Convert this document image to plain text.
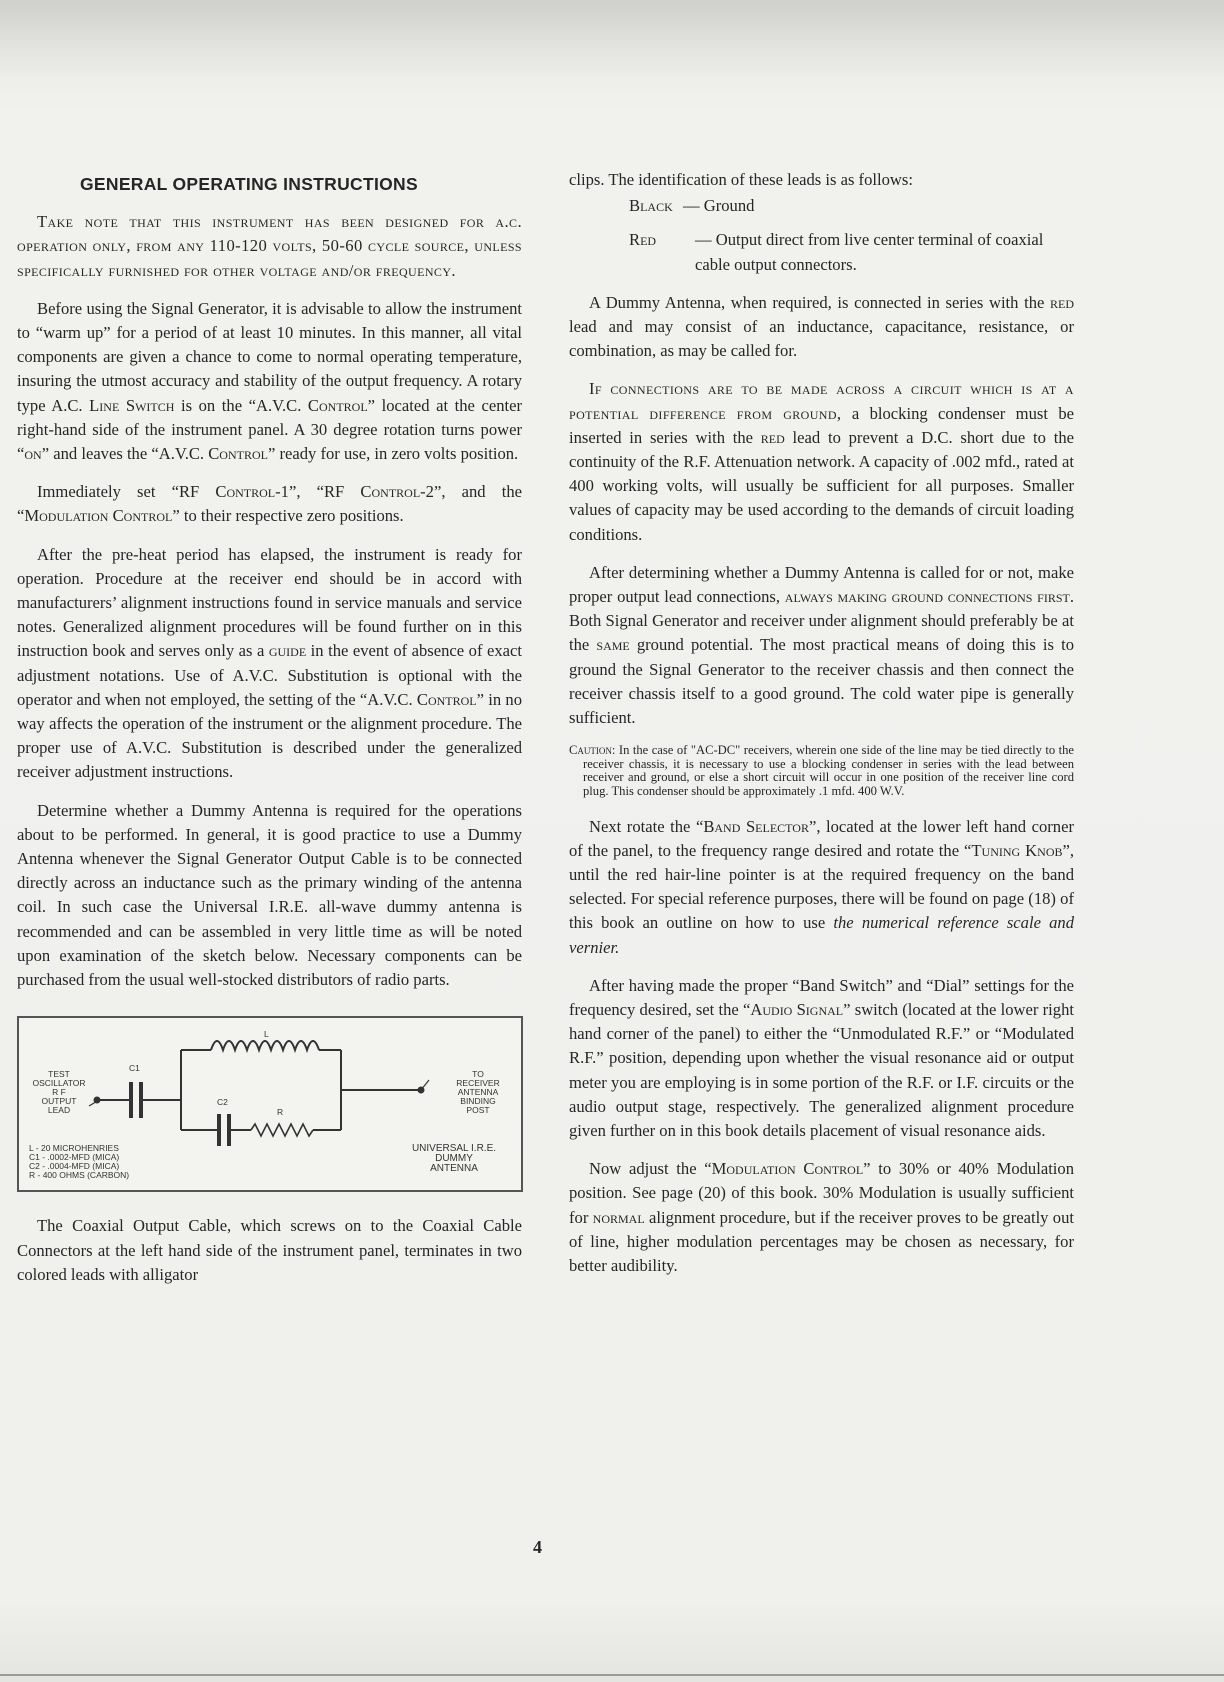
GENERAL OPERATING INSTRUCTIONS

Take note that this instrument has been designed for a.c. operation only, from any 110-120 volts, 50-60 cycle source, unless specifically furnished for other voltage and/or frequency.

Before using the Signal Generator, it is advisable to allow the instrument to “warm up” for a period of at least 10 minutes. In this manner, all vital components are given a chance to come to normal operating temperature, insuring the utmost accuracy and stability of the output frequency. A rotary type A.C. Line Switch is on the “A.V.C. Control” located at the center right-hand side of the instrument panel. A 30 degree rotation turns power “on” and leaves the “A.V.C. Control” ready for use, in zero volts position.

Immediately set “RF Control-1”, “RF Control-2”, and the “Modulation Control” to their respective zero positions.

After the pre-heat period has elapsed, the instrument is ready for operation. Procedure at the receiver end should be in accord with manufacturers’ alignment instructions found in service manuals and service notes. Generalized alignment procedures will be found further on in this instruction book and serves only as a guide in the event of absence of exact adjustment notations. Use of A.V.C. Substitution is optional with the operator and when not employed, the setting of the “A.V.C. Control” in no way affects the operation of the instrument or the alignment procedure. The proper use of A.V.C. Substitution is described under the generalized receiver adjustment instructions.

Determine whether a Dummy Antenna is required for the operations about to be performed. In general, it is good practice to use a Dummy Antenna whenever the Signal Generator Output Cable is to be connected directly across an inductance such as the primary winding of the antenna coil. In such case the Universal I.R.E. all-wave dummy antenna is recommended and can be assembled in very little time as will be noted upon examination of the sketch below. Necessary components can be purchased from the usual well-stocked distributors of radio parts.

L
C1
C2
R
TEST
OSCILLATOR
R F
OUTPUT
LEAD
TO
RECEIVER
ANTENNA
BINDING
POST
L - 20 MICROHENRIES
C1 - .0002-MFD (MICA)
C2 - .0004-MFD (MICA)
R - 400 OHMS (CARBON)
UNIVERSAL I.R.E.
DUMMY
ANTENNA

The Coaxial Output Cable, which screws on to the Coaxial Cable Connectors at the left hand side of the instrument panel, terminates in two colored leads with alligator

clips. The identification of these leads is as follows:

Black — Ground
Red	— Output direct from live center terminal of coaxial cable output connectors.

A Dummy Antenna, when required, is connected in series with the red lead and may consist of an inductance, capacitance, resistance, or combination, as may be called for.

If connections are to be made across a circuit which is at a potential difference from ground, a blocking condenser must be inserted in series with the red lead to prevent a D.C. short due to the continuity of the R.F. Attenuation network. A capacity of .002 mfd., rated at 400 working volts, will usually be sufficient for all purposes. Smaller values of capacity may be used according to the demands of circuit loading conditions.

After determining whether a Dummy Antenna is called for or not, make proper output lead connections, always making ground connections first. Both Signal Generator and receiver under alignment should preferably be at the same ground potential. The most practical means of doing this is to ground the Signal Generator to the receiver chassis and then connect the receiver chassis itself to a good ground. The cold water pipe is generally sufficient.

Caution: In the case of "AC-DC" receivers, wherein one side of the line may be tied directly to the receiver chassis, it is necessary to use a blocking condenser in series with the lead between receiver and ground, or else a short circuit will occur in one position of the receiver line cord plug. This condenser should be approximately .1 mfd. 400 W.V.

Next rotate the “Band Selector”, located at the lower left hand corner of the panel, to the frequency range desired and rotate the “Tuning Knob”, until the red hair-line pointer is at the required frequency on the band selected. For special reference purposes, there will be found on page (18) of this book an outline on how to use the numerical reference scale and vernier.

After having made the proper “Band Switch” and “Dial” settings for the frequency desired, set the “Audio Signal” switch (located at the lower right hand corner of the panel) to either the “Unmodulated R.F.” or “Modulated R.F.” position, depending upon whether the visual resonance aid or output meter you are employing is in some portion of the R.F. or I.F. circuits or the audio output stage, respectively. The generalized alignment procedure given further on in this book details placement of visual resonance aids.

Now adjust the “Modulation Control” to 30% or 40% Modulation position. See page (20) of this book. 30% Modulation is usually sufficient for normal alignment procedure, but if the receiver proves to be greatly out of line, higher modulation percentages may be chosen as necessary, for better audibility.

4
